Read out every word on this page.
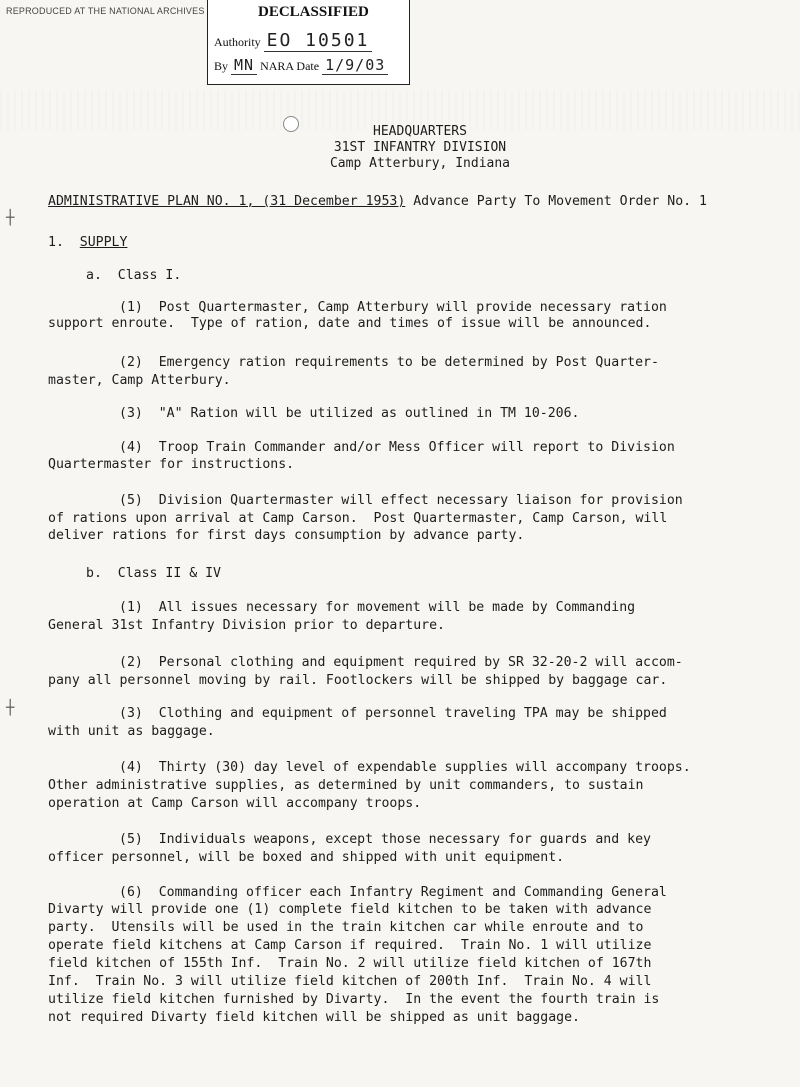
REPRODUCED AT THE NATIONAL ARCHIVES	DECLASSIFIED
Authority EO 10501
By MN NARA Date 1/9/03
HEADQUARTERS
31ST INFANTRY DIVISION
Camp Atterbury, Indiana
ADMINISTRATIVE PLAN NO. 1, (31 December 1953) Advance Party To Movement Order No. 1
1. SUPPLY
a.  Class I.
(1)  Post Quartermaster, Camp Atterbury will provide necessary ration
support enroute.  Type of ration, date and times of issue will be announced.
(2)  Emergency ration requirements to be determined by Post Quarter-
master, Camp Atterbury.
(3)  "A" Ration will be utilized as outlined in TM 10-206.
(4)  Troop Train Commander and/or Mess Officer will report to Division
Quartermaster for instructions.
(5)  Division Quartermaster will effect necessary liaison for provision
of rations upon arrival at Camp Carson.  Post Quartermaster, Camp Carson, will
deliver rations for first days consumption by advance party.
b.  Class II & IV
(1)  All issues necessary for movement will be made by Commanding
General 31st Infantry Division prior to departure.
(2)  Personal clothing and equipment required by SR 32-20-2 will accom-
pany all personnel moving by rail. Footlockers will be shipped by baggage car.
(3)  Clothing and equipment of personnel traveling TPA may be shipped
with unit as baggage.
(4)  Thirty (30) day level of expendable supplies will accompany troops.
Other administrative supplies, as determined by unit commanders, to sustain
operation at Camp Carson will accompany troops.
(5)  Individuals weapons, except those necessary for guards and key
officer personnel, will be boxed and shipped with unit equipment.
(6)  Commanding officer each Infantry Regiment and Commanding General
Divarty will provide one (1) complete field kitchen to be taken with advance
party.  Utensils will be used in the train kitchen car while enroute and to
operate field kitchens at Camp Carson if required.  Train No. 1 will utilize
field kitchen of 155th Inf.  Train No. 2 will utilize field kitchen of 167th
Inf.  Train No. 3 will utilize field kitchen of 200th Inf.  Train No. 4 will
utilize field kitchen furnished by Divarty.  In the event the fourth train is
not required Divarty field kitchen will be shipped as unit baggage.
┼
┼
